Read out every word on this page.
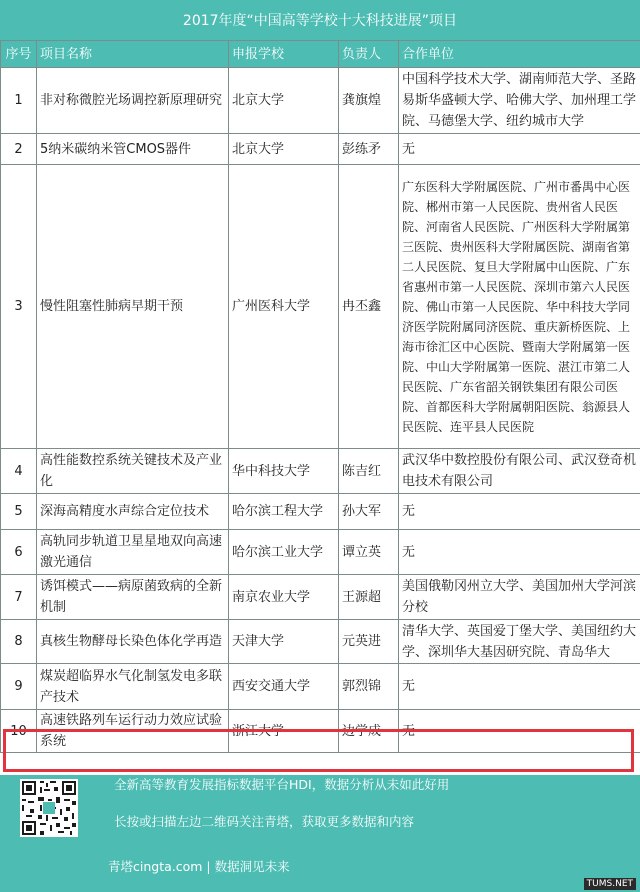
2017年度“中国高等学校十大科技进展”项目
序号	项目名称	申报学校	负责人	合作单位
1	非对称微腔光场调控新原理研究	北京大学	龚旗煌	中国科学技术大学、湖南师范大学、圣路易斯华盛顿大学、哈佛大学、加州理工学院、马德堡大学、纽约城市大学
2	5纳米碳纳米管CMOS器件	北京大学	彭练矛	无
3	慢性阻塞性肺病早期干预	广州医科大学	冉丕鑫	广东医科大学附属医院、广州市番禺中心医院、郴州市第一人民医院、贵州省人民医院、河南省人民医院、广州医科大学附属第三医院、贵州医科大学附属医院、湖南省第二人民医院、复旦大学附属中山医院、广东省惠州市第一人民医院、深圳市第六人民医院、佛山市第一人民医院、华中科技大学同济医学院附属同济医院、重庆新桥医院、上海市徐汇区中心医院、暨南大学附属第一医院、中山大学附属第一医院、湛江市第二人民医院、广东省韶关钢铁集团有限公司医院、首都医科大学附属朝阳医院、翁源县人民医院、连平县人民医院
4	高性能数控系统关键技术及产业化	华中科技大学	陈吉红	武汉华中数控股份有限公司、武汉登奇机电技术有限公司
5	深海高精度水声综合定位技术	哈尔滨工程大学	孙大军	无
6	高轨同步轨道卫星星地双向高速激光通信	哈尔滨工业大学	谭立英	无
7	诱饵模式——病原菌致病的全新机制	南京农业大学	王源超	美国俄勒冈州立大学、美国加州大学河滨分校
8	真核生物酵母长染色体化学再造	天津大学	元英进	清华大学、英国爱丁堡大学、美国纽约大学、深圳华大基因研究院、青岛华大
9	煤炭超临界水气化制氢发电多联产技术	西安交通大学	郭烈锦	无
10	高速铁路列车运行动力效应试验系统	浙江大学	边学成	无
全新高等教育发展指标数据平台HDI，数据分析从未如此好用
长按或扫描左边二维码关注青塔，获取更多数据和内容
青塔cingta.com | 数据洞见未来
TUMS.NET
